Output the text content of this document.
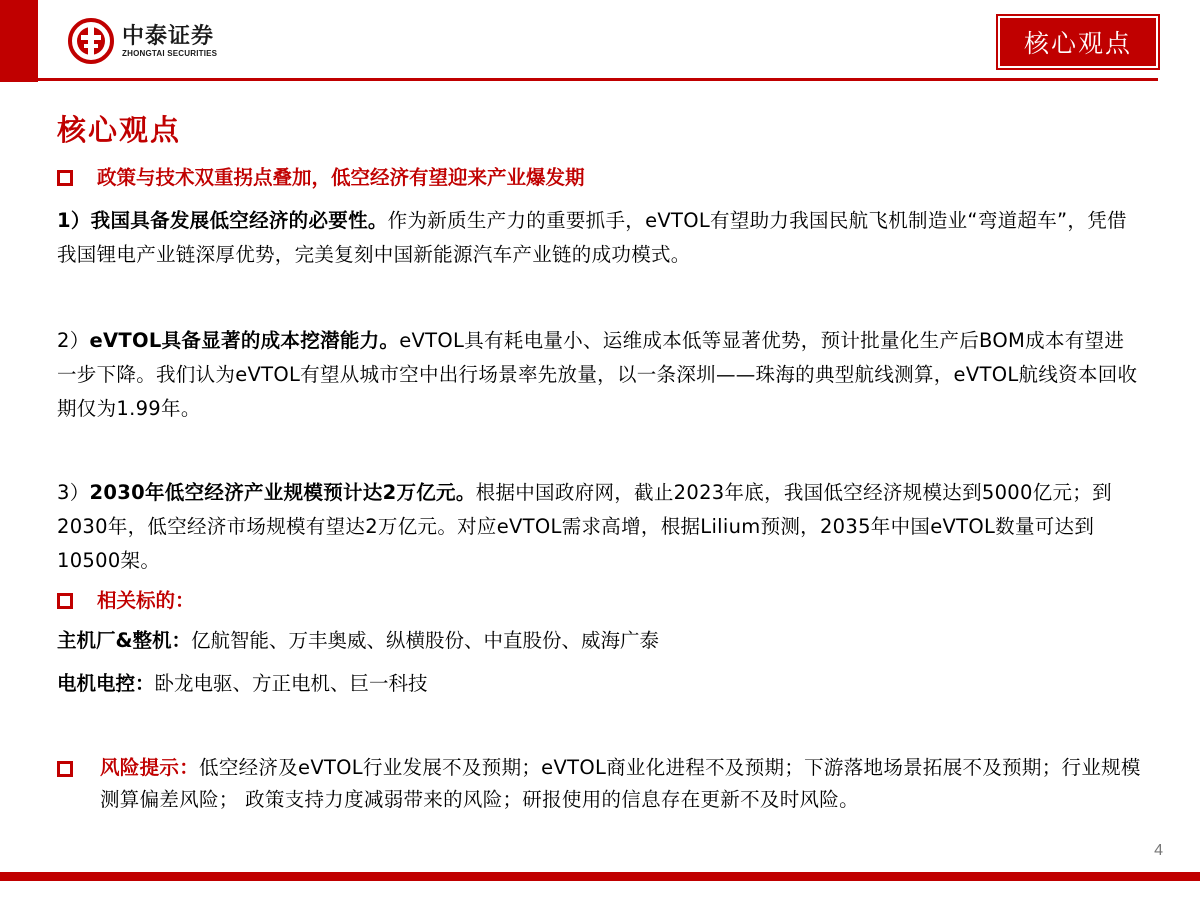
中泰证券
ZHONGTAI SECURITIES	核心观点
核心观点
政策与技术双重拐点叠加，低空经济有望迎来产业爆发期
1）我国具备发展低空经济的必要性。作为新质生产力的重要抓手，eVTOL有望助力我国民航飞机制造业“弯道超车”，凭借我国锂电产业链深厚优势，完美复刻中国新能源汽车产业链的成功模式。
2）eVTOL具备显著的成本挖潜能力。eVTOL具有耗电量小、运维成本低等显著优势，预计批量化生产后BOM成本有望进一步下降。我们认为eVTOL有望从城市空中出行场景率先放量，以一条深圳——珠海的典型航线测算，eVTOL航线资本回收期仅为1.99年。
3）2030年低空经济产业规模预计达2万亿元。根据中国政府网，截止2023年底，我国低空经济规模达到5000亿元；到2030年，低空经济市场规模有望达2万亿元。对应eVTOL需求高增，根据Lilium预测，2035年中国eVTOL数量可达到10500架。
相关标的：
主机厂&整机：亿航智能、万丰奥威、纵横股份、中直股份、威海广泰
电机电控：卧龙电驱、方正电机、巨一科技
风险提示：低空经济及eVTOL行业发展不及预期；eVTOL商业化进程不及预期；下游落地场景拓展不及预期；行业规模测算偏差风险； 政策支持力度减弱带来的风险；研报使用的信息存在更新不及时风险。
4
